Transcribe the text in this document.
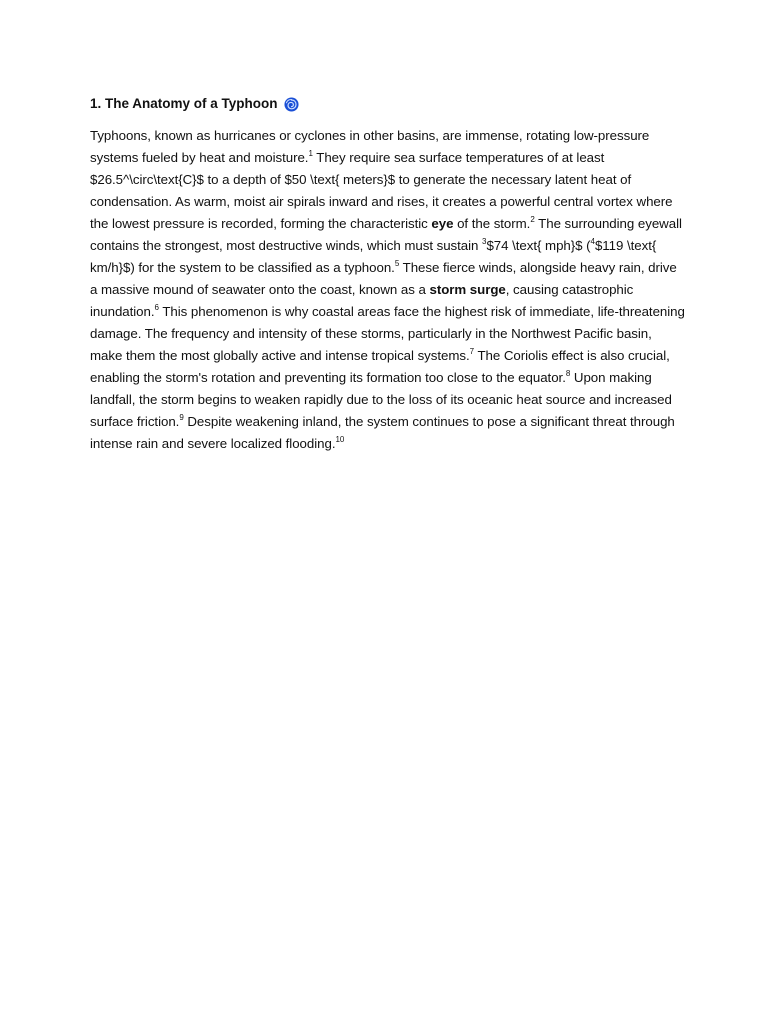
1. The Anatomy of a Typhoon

Typhoons, known as hurricanes or cyclones in other basins, are immense, rotating low-pressure systems fueled by heat and moisture.$^1$ They require sea surface temperatures of at least $26.5^\circ\text{C}$ to a depth of $50 \text{ meters}$ to generate the necessary latent heat of condensation. As warm, moist air spirals inward and rises, it creates a powerful central vortex where the lowest pressure is recorded, forming the characteristic eye of the storm.$^2$ The surrounding eyewall contains the strongest, most destructive winds, which must sustain $^3$\$74 \text{ mph}$ ($^4$\$119 \text{ km/h}$) for the system to be classified as a typhoon.$^5$ These fierce winds, alongside heavy rain, drive a massive mound of seawater onto the coast, known as a storm surge, causing catastrophic inundation.$^6$ This phenomenon is why coastal areas face the highest risk of immediate, life-threatening damage. The frequency and intensity of these storms, particularly in the Northwest Pacific basin, make them the most globally active and intense tropical systems.$^7$ The Coriolis effect is also crucial, enabling the storm's rotation and preventing its formation too close to the equator.$^8$ Upon making landfall, the storm begins to weaken rapidly due to the loss of its oceanic heat source and increased surface friction.$^9$ Despite weakening inland, the system continues to pose a significant threat through intense rain and severe localized flooding.$^{10}$
